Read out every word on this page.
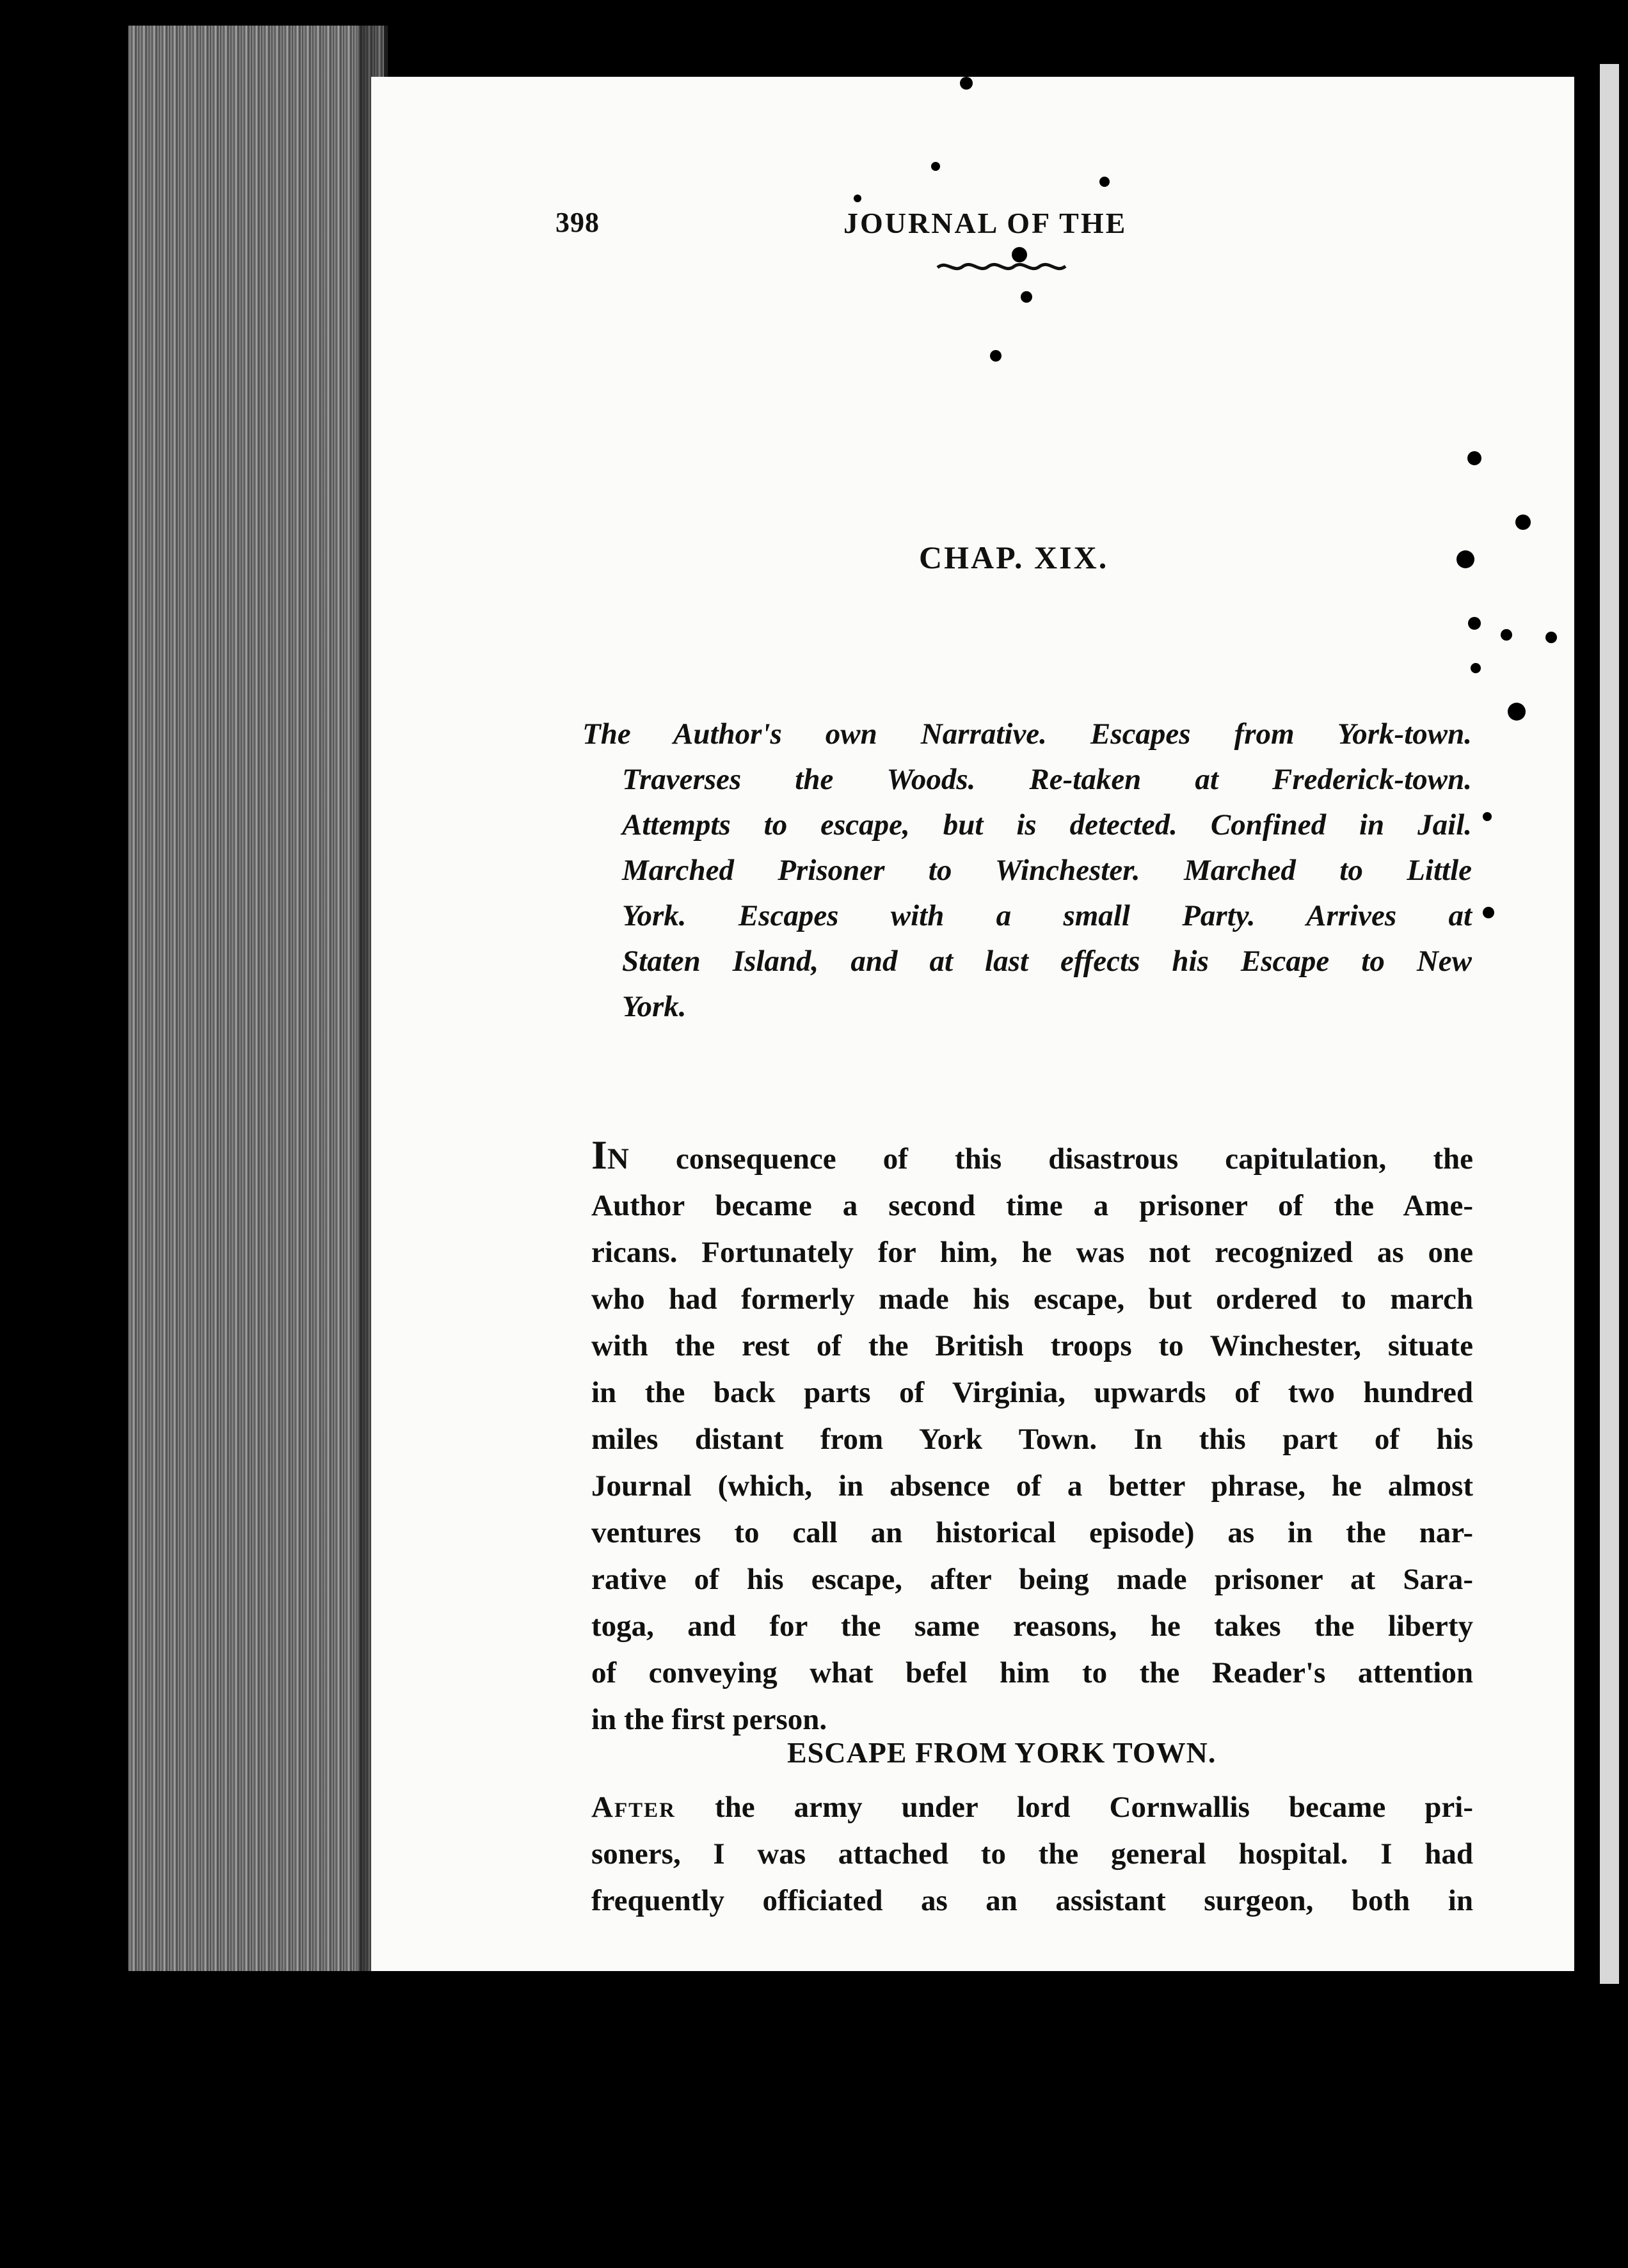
398	JOURNAL OF THE
CHAP. XIX.
The Author's own Narrative. Escapes from York-town.
Traverses the Woods. Re-taken at Frederick-town.
Attempts to escape, but is detected. Confined in Jail.
Marched Prisoner to Winchester. Marched to Little
York. Escapes with a small Party. Arrives at
Staten Island, and at last effects his Escape to New
York.
IN consequence of this disastrous capitulation, the
Author became a second time a prisoner of the Ame-
ricans. Fortunately for him, he was not recognized as one
who had formerly made his escape, but ordered to march
with the rest of the British troops to Winchester, situate
in the back parts of Virginia, upwards of two hundred
miles distant from York Town. In this part of his
Journal (which, in absence of a better phrase, he almost
ventures to call an historical episode) as in the nar-
rative of his escape, after being made prisoner at Sara-
toga, and for the same reasons, he takes the liberty
of conveying what befel him to the Reader's attention
in the first person.
ESCAPE FROM YORK TOWN.
After the army under lord Cornwallis became pri-
soners, I was attached to the general hospital. I had
frequently officiated as an assistant surgeon, both in
